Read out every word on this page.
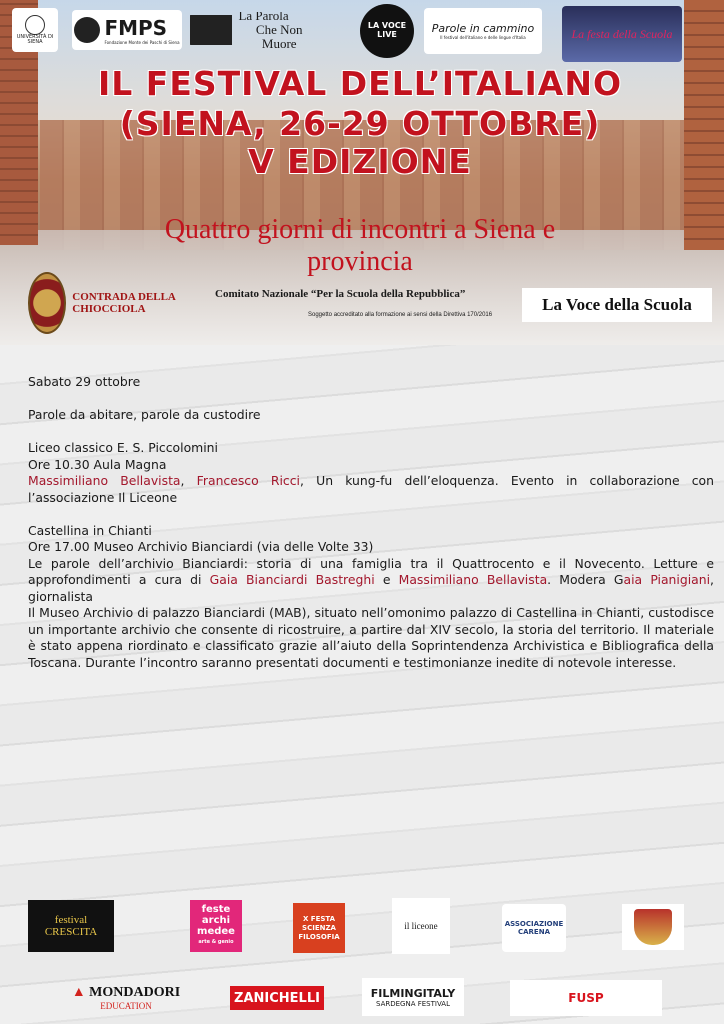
UNIVERSITÀ DI SIENA
FMPS
Fondazione Monte dei Paschi di Siena
La Parola
Che Non Muore
LA VOCE LIVE	Parole in cammino
Il festival dell'italiano e delle lingue d'Italia	La festa della Scuola
IL FESTIVAL DELL’ITALIANO
(SIENA, 26-29 OTTOBRE)
V EDIZIONE
Quattro giorni di incontri a Siena e
provincia
CONTRADA DELLA CHIOCCIOLA
Comitato Nazionale “Per la Scuola della Repubblica”
Soggetto accreditato alla formazione ai sensi della Direttiva 170/2016
La Voce della Scuola

Sabato 29 ottobre

Parole da abitare, parole da custodire

Liceo classico E. S. Piccolomini

Ore 10.30 Aula Magna

Massimiliano Bellavista, Francesco Ricci, Un kung-fu dell’eloquenza. Evento in collaborazione con l’associazione Il Liceone

Castellina in Chianti

Ore 17.00 Museo Archivio Bianciardi (via delle Volte 33)

Le parole dell’archivio Bianciardi: storia di una famiglia tra il Quattrocento e il Novecento. Letture e approfondimenti a cura di Gaia Bianciardi Bastreghi e Massimiliano Bellavista. Modera Gaia Pianigiani, giornalista

Il Museo Archivio di palazzo Bianciardi (MAB), situato nell’omonimo palazzo di Castellina in Chianti, custodisce un importante archivio che consente di ricostruire, a partire dal XIV secolo, la storia del territorio. Il materiale è stato appena riordinato e classificato grazie all’aiuto della Soprintendenza Archivistica e Bibliografica della Toscana. Durante l’incontro saranno presentati documenti e testimonianze inedite di notevole interesse.

festival CRESCITA
feste archi medee
arte & genio
X FESTA SCIENZA FILOSOFIA
il liceone	ASSOCIAZIONE CARENA
▲ MONDADORI
EDUCATION
ZANICHELLI	FILMINGITALY
SARDEGNA FESTIVAL	FUSP
